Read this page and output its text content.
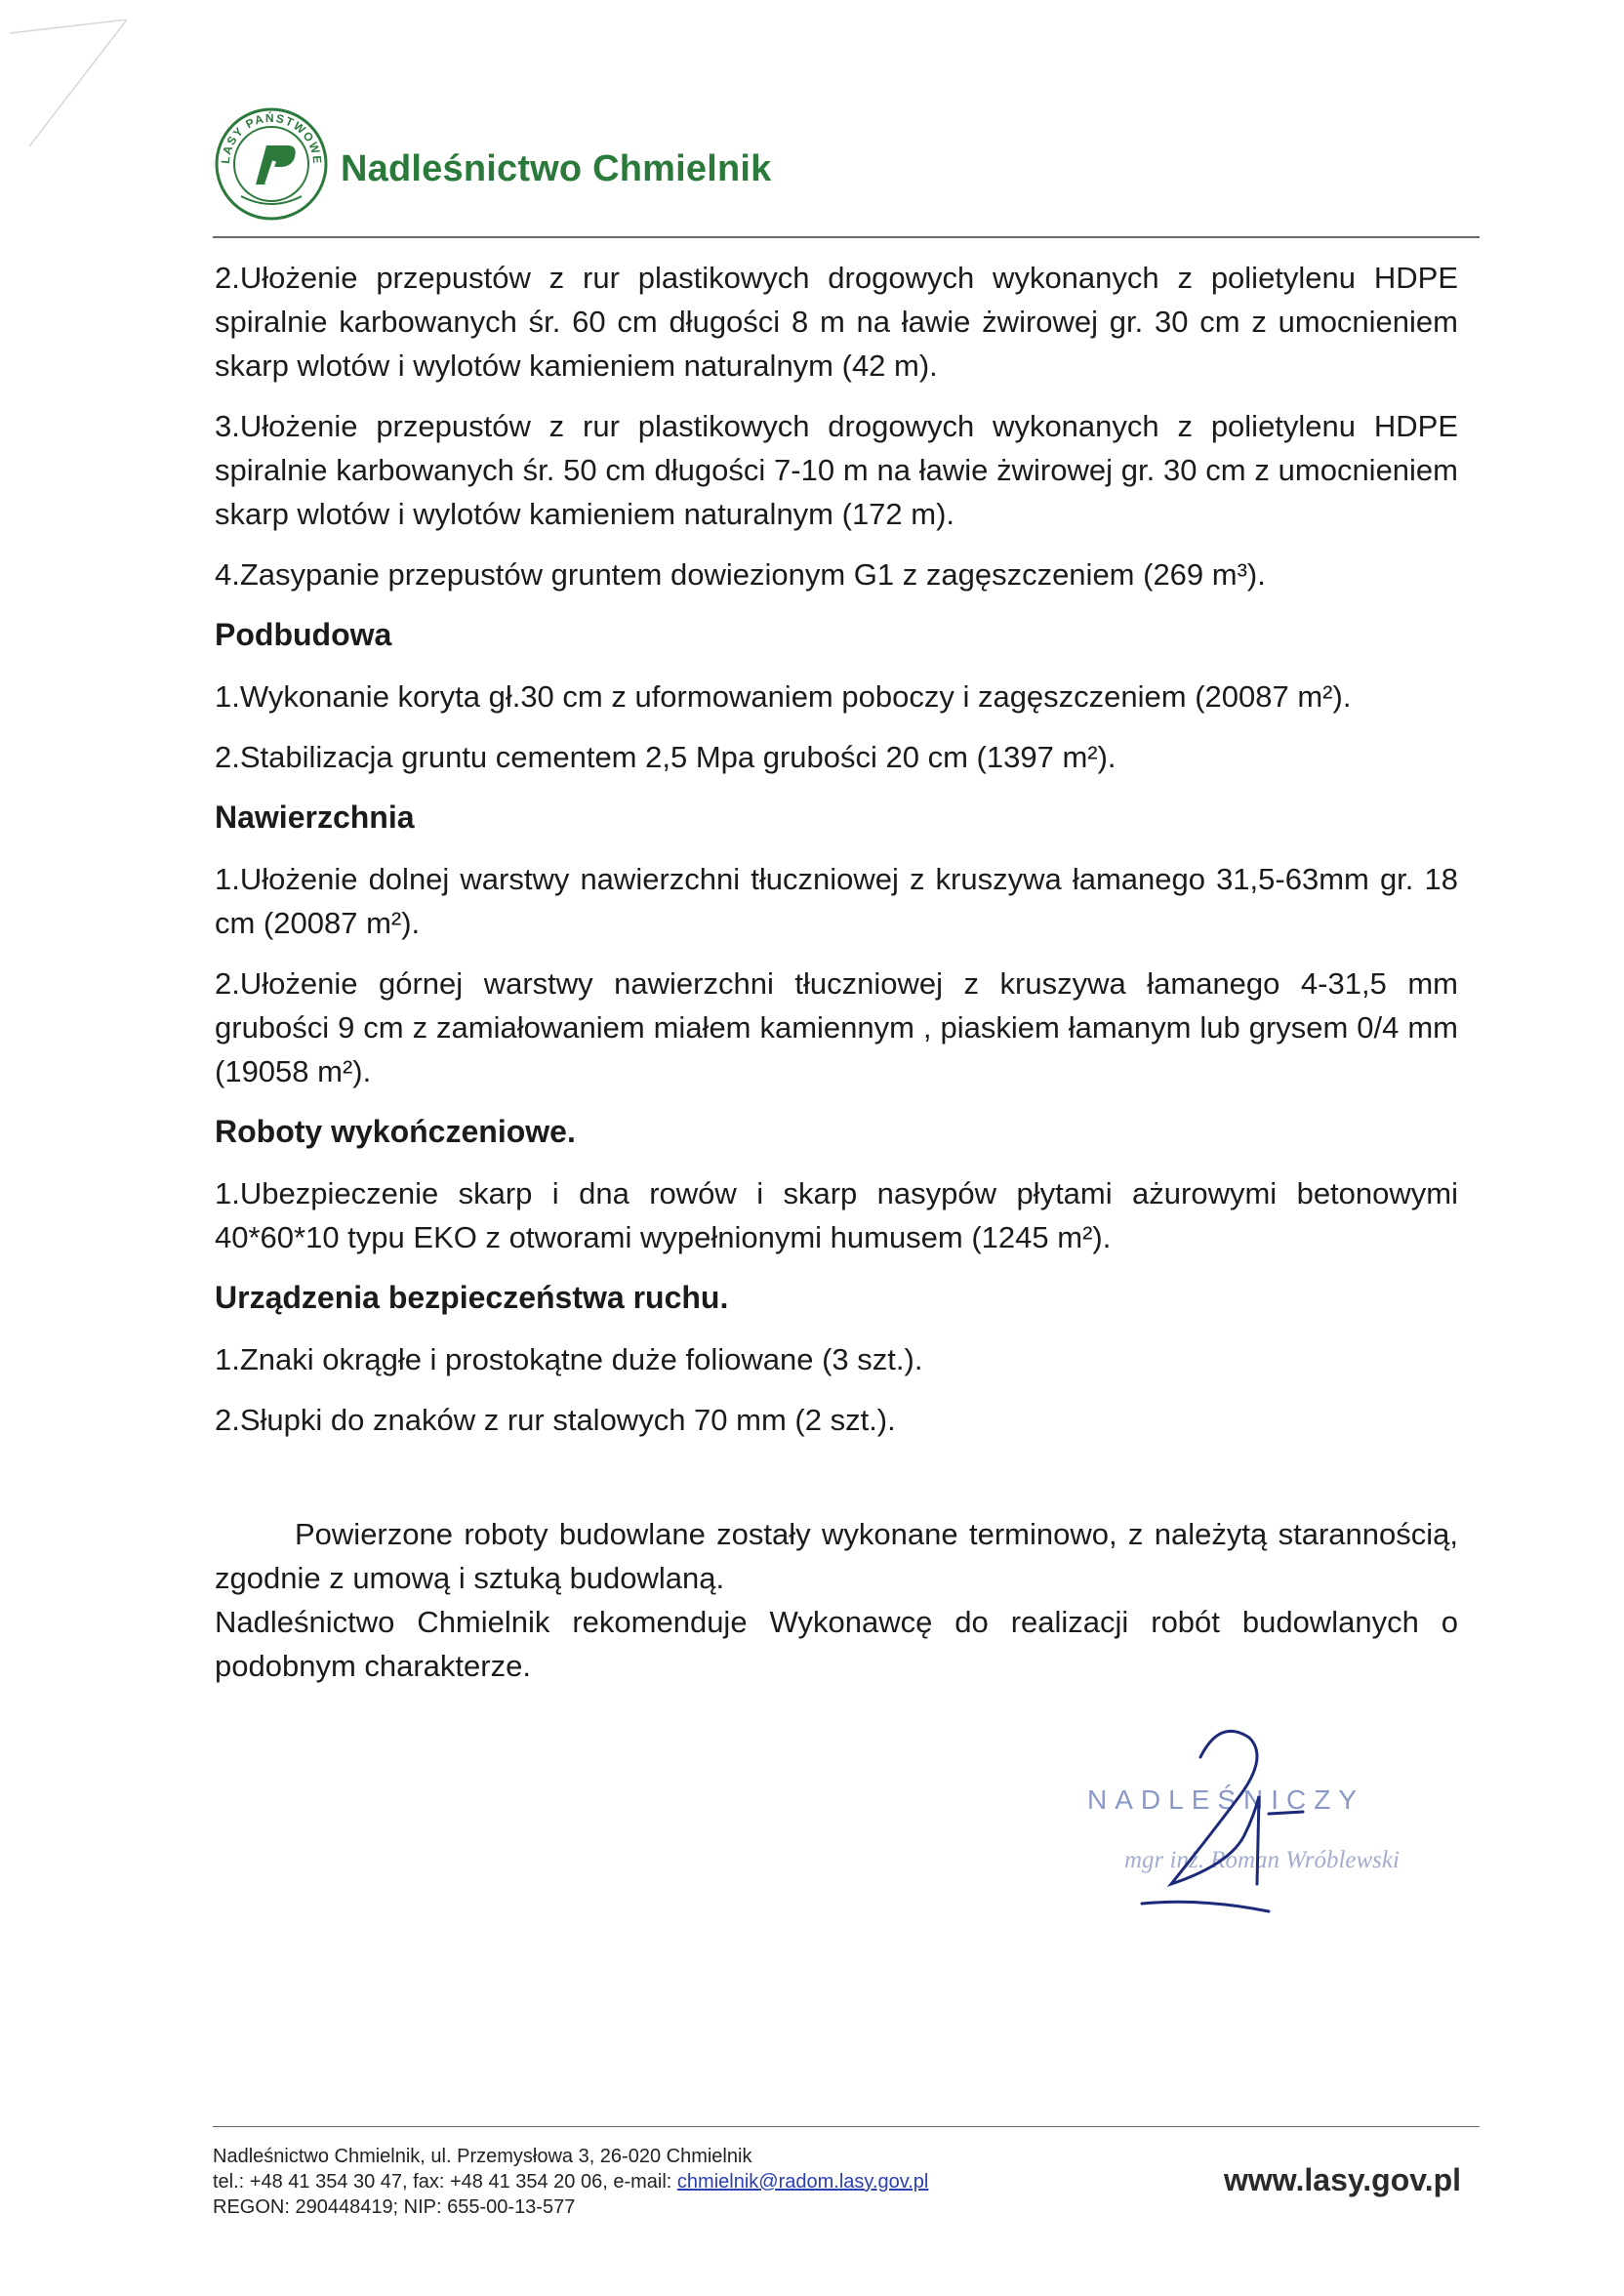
LASY PAŃSTWOWE Nadleśnictwo Chmielnik

2.Ułożenie przepustów z rur plastikowych drogowych wykonanych z polietylenu HDPE spiralnie karbowanych śr. 60 cm długości 8 m na ławie żwirowej gr. 30 cm z umocnieniem skarp wlotów i wylotów kamieniem naturalnym (42 m).

3.Ułożenie przepustów z rur plastikowych drogowych wykonanych z polietylenu HDPE spiralnie karbowanych śr. 50 cm długości 7-10 m na ławie żwirowej gr. 30 cm z umocnieniem skarp wlotów i wylotów kamieniem naturalnym (172 m).

4.Zasypanie przepustów gruntem dowiezionym G1 z zagęszczeniem (269 m³).

Podbudowa

1.Wykonanie koryta gł.30 cm z uformowaniem poboczy i zagęszczeniem (20087 m²).

2.Stabilizacja gruntu cementem 2,5 Mpa grubości 20 cm (1397 m²).

Nawierzchnia

1.Ułożenie dolnej warstwy nawierzchni tłuczniowej z kruszywa łamanego 31,5-63mm gr. 18 cm (20087 m²).

2.Ułożenie górnej warstwy nawierzchni tłuczniowej z kruszywa łamanego 4-31,5 mm grubości 9 cm z zamiałowaniem miałem kamiennym , piaskiem łamanym lub grysem 0/4 mm (19058 m²).

Roboty wykończeniowe.

1.Ubezpieczenie skarp i dna rowów i skarp nasypów płytami ażurowymi betonowymi 40*60*10 typu EKO z otworami wypełnionymi humusem (1245 m²).

Urządzenia bezpieczeństwa ruchu.

1.Znaki okrągłe i prostokątne duże foliowane (3 szt.).

2.Słupki do znaków z rur stalowych 70 mm (2 szt.).

Powierzone roboty budowlane zostały wykonane terminowo, z należytą starannością, zgodnie z umową i sztuką budowlaną.

Nadleśnictwo Chmielnik rekomenduje Wykonawcę do realizacji robót budowlanych o podobnym charakterze.

NADLEŚNICZY
mgr inż. Roman Wróblewski
Nadleśnictwo Chmielnik, ul. Przemysłowa 3, 26-020 Chmielnik
tel.: +48 41 354 30 47, fax: +48 41 354 20 06, e-mail: chmielnik@radom.lasy.gov.pl
REGON: 290448419; NIP: 655-00-13-577
www.lasy.gov.pl
